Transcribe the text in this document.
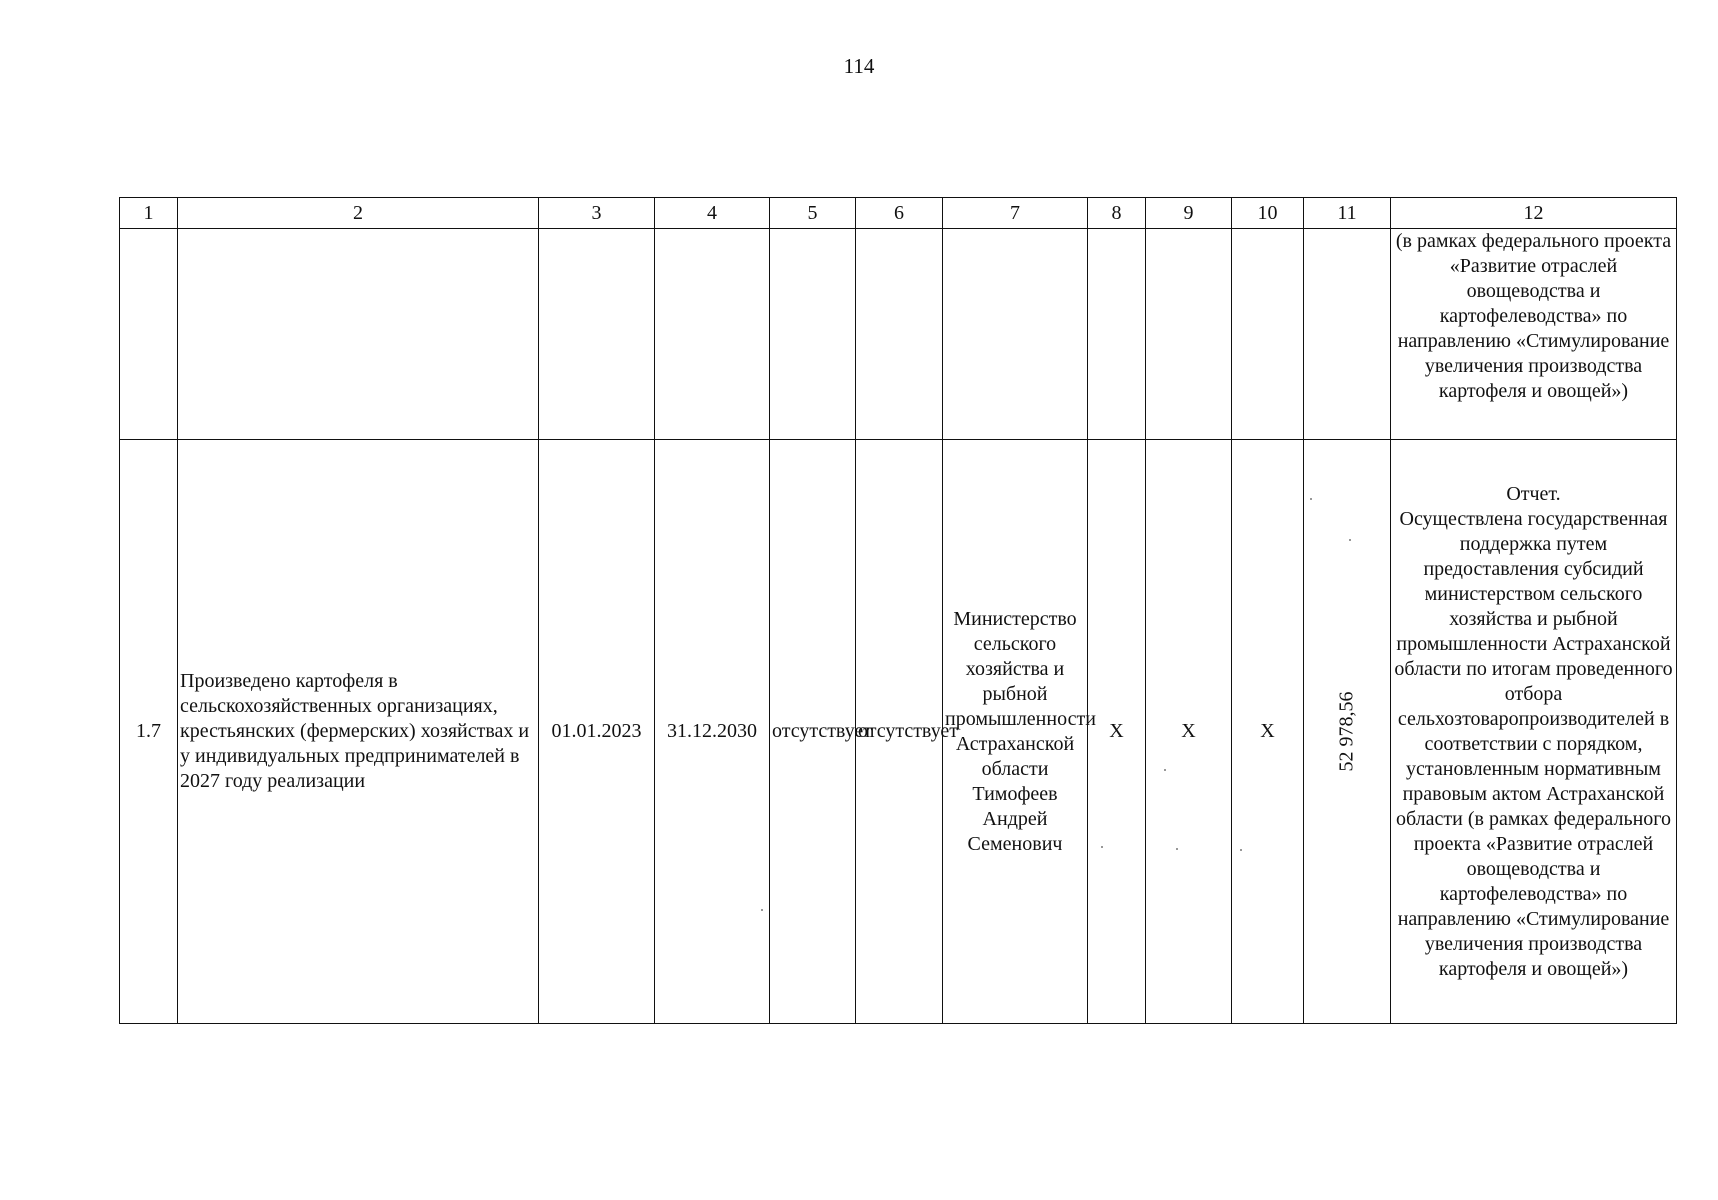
114
1	2	3	4	5	6	7	8	9	10	11	12
											(в рамках федерального проекта «Развитие отраслей овощеводства и картофелеводства» по направлению «Стимулирование увеличения производства картофеля и овощей»)
1.7	Произведено картофеля в сельскохозяйственных организациях, крестьянских (фермерских) хозяйствах и у индивидуальных предпринимателей в 2027 году реализации	01.01.2023	31.12.2030	отсутствует	отсутствует	Министерство сельского хозяйства и рыбной промышленности Астраханской области Тимофеев Андрей Семенович	Х	Х	Х	52 978,56	Отчет.
Осуществлена государственная поддержка путем предоставления субсидий министерством сельского хозяйства и рыбной промышленности Астраханской области по итогам проведенного отбора сельхозтоваропроизводителей в соответствии с порядком, установленным нормативным правовым актом Астраханской области (в рамках федерального проекта «Развитие отраслей овощеводства и картофелеводства» по направлению «Стимулирование увеличения производства картофеля и овощей»)
